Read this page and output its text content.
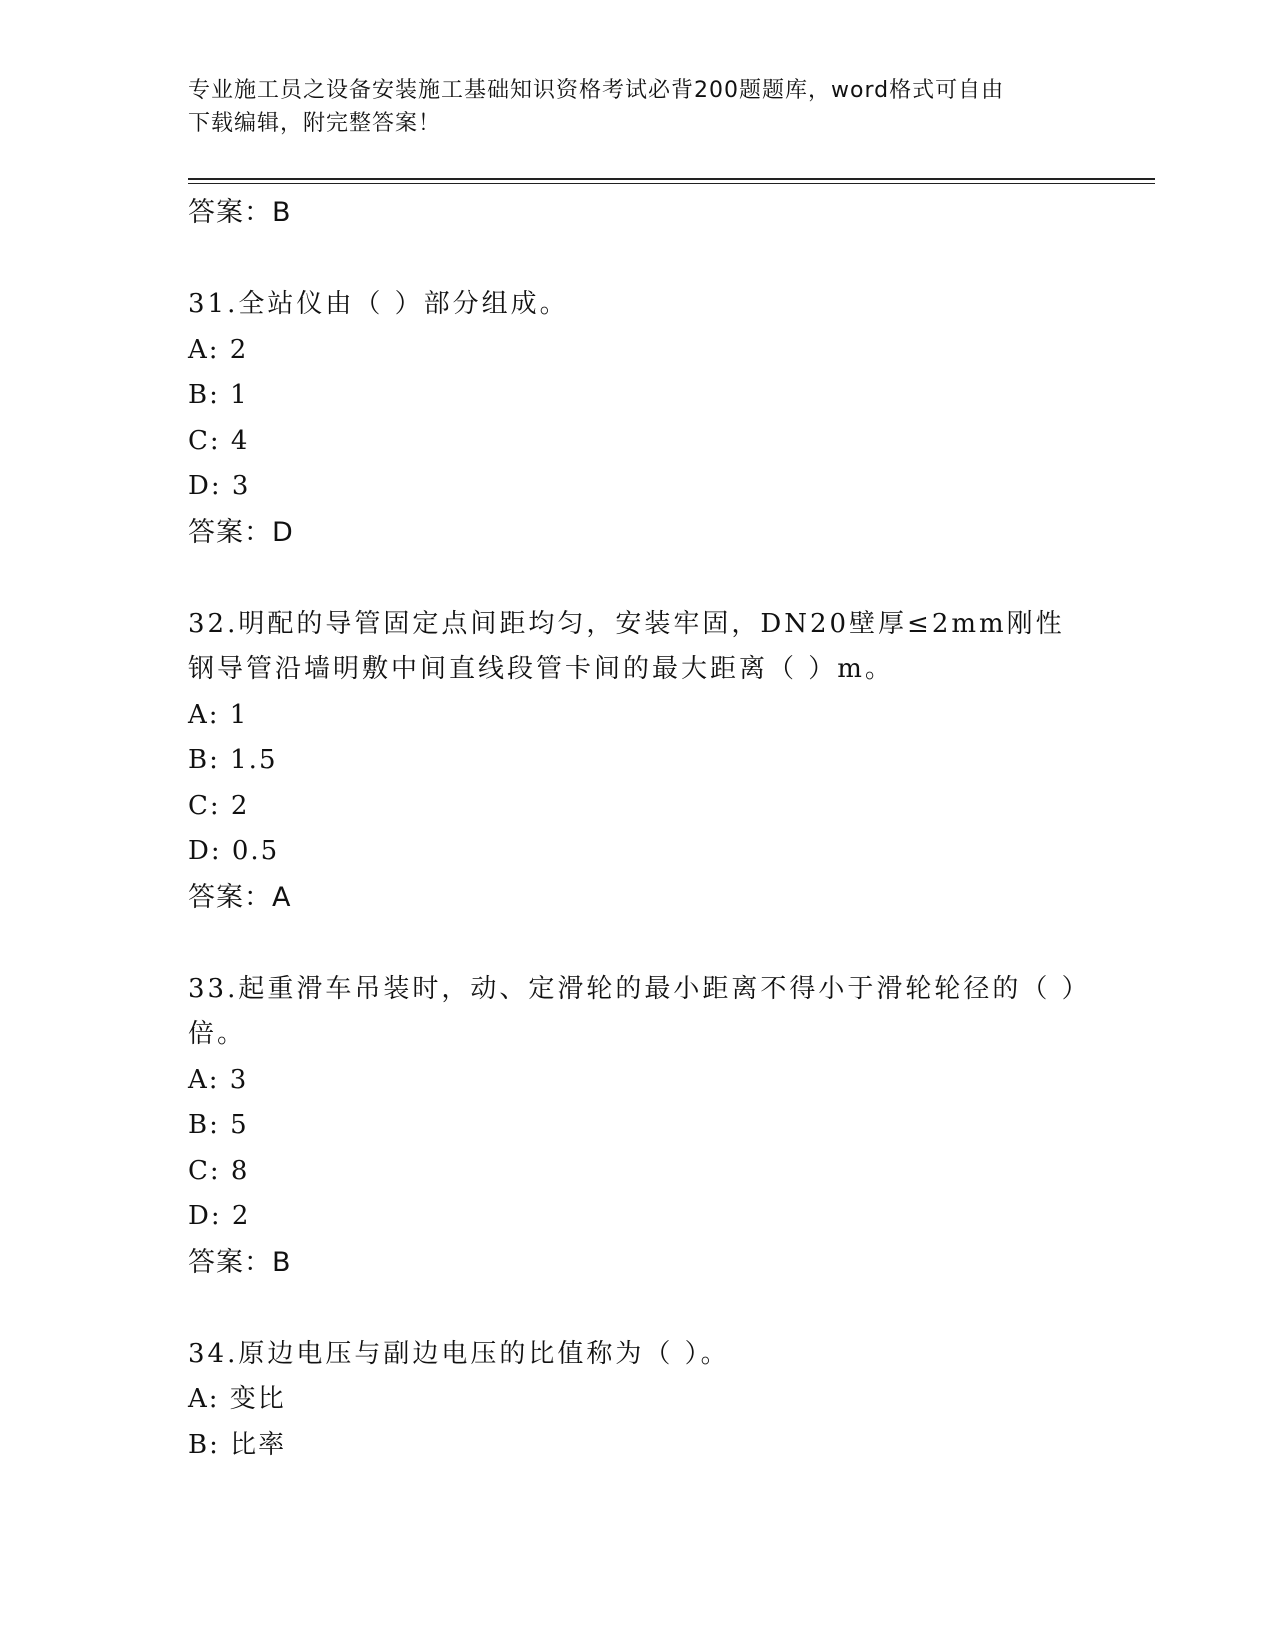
专业施工员之设备安装施工基础知识资格考试必背200题题库，word格式可自由
下载编辑，附完整答案！
答案：B
31.全站仪由（ ）部分组成。
A: 2
B: 1
C: 4
D: 3
答案：D
32.明配的导管固定点间距均匀，安装牢固，DN20壁厚≤2mm刚性钢导管沿墙明敷中间直线段管卡间的最大距离（ ）m。
A: 1
B: 1.5
C: 2
D: 0.5
答案：A
33.起重滑车吊装时，动、定滑轮的最小距离不得小于滑轮轮径的（ ）倍。
A: 3
B: 5
C: 8
D: 2
答案：B
34.原边电压与副边电压的比值称为（ ）。
A: 变比
B: 比率
